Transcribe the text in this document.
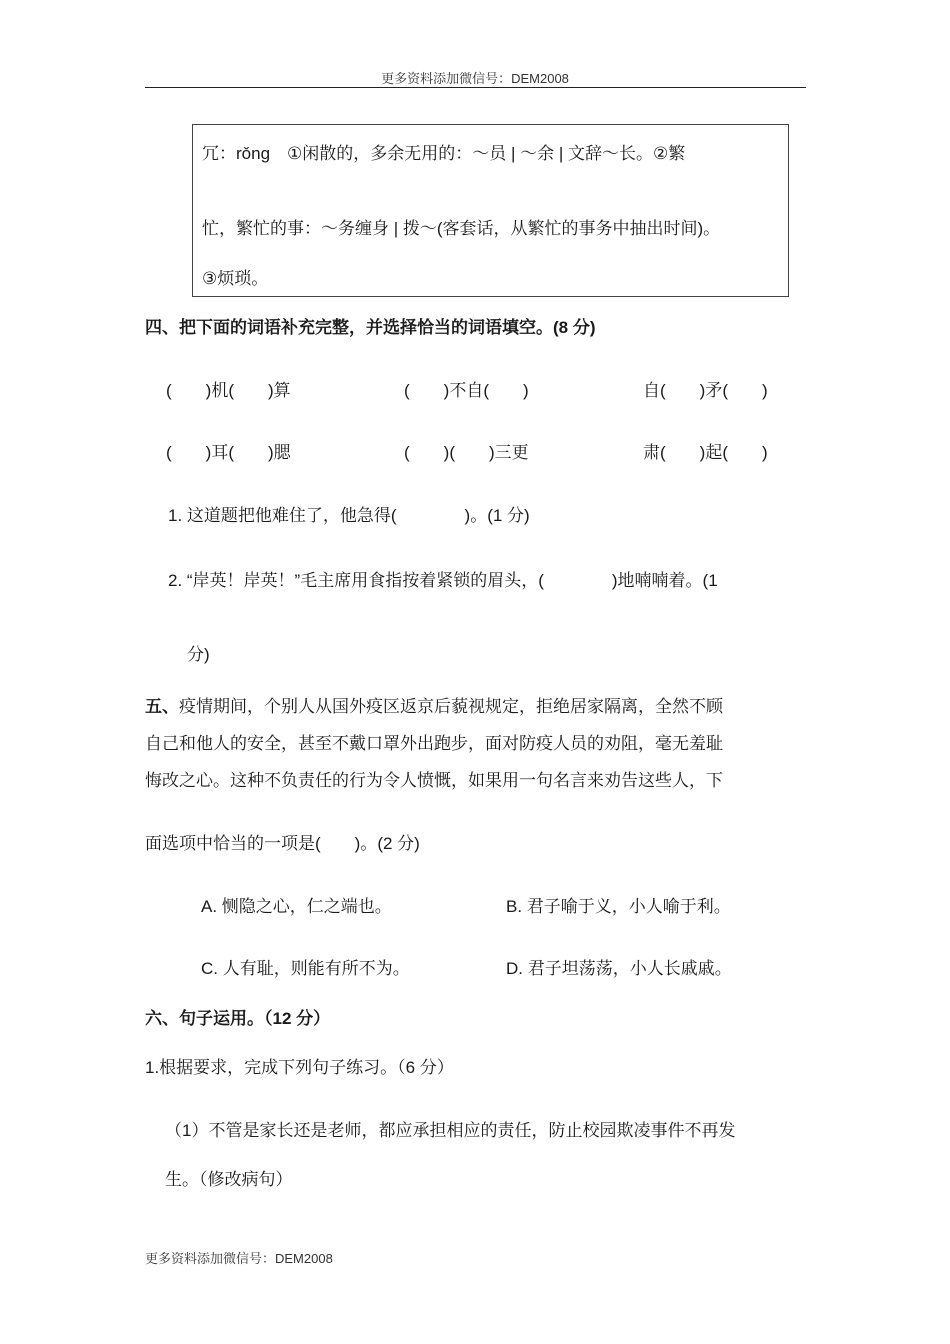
更多资料添加微信号：DEM2008
冗：rǒng　①闲散的，多余无用的：～员 | ～余 | 文辞～长。②繁
忙，繁忙的事：～务缠身 | 拨～(客套话，从繁忙的事务中抽出时间)。
③烦琐。
四、把下面的词语补充完整，并选择恰当的词语填空。(8 分)
(　　)机(　　)算	(　　)不自(　　)	自(　　)矛(　　)
(　　)耳(　　)腮	(　　)(　　)三更	肃(　　)起(　　)
1. 这道题把他难住了，他急得(　　　　)。(1 分)
2. “岸英！岸英！”毛主席用食指按着紧锁的眉头，(　　　　)地喃喃着。(1
分)
五、疫情期间，个别人从国外疫区返京后藐视规定，拒绝居家隔离，全然不顾
自己和他人的安全，甚至不戴口罩外出跑步，面对防疫人员的劝阻，毫无羞耻
悔改之心。这种不负责任的行为令人愤慨，如果用一句名言来劝告这些人，下
面选项中恰当的一项是(　　)。(2 分)
A. 恻隐之心，仁之端也。	B. 君子喻于义，小人喻于利。
C. 人有耻，则能有所不为。	D. 君子坦荡荡，小人长戚戚。
六、句子运用。（12 分）
1.根据要求，完成下列句子练习。（6 分）
（1）不管是家长还是老师，都应承担相应的责任，防止校园欺凌事件不再发
生。（修改病句）
更多资料添加微信号：DEM2008
